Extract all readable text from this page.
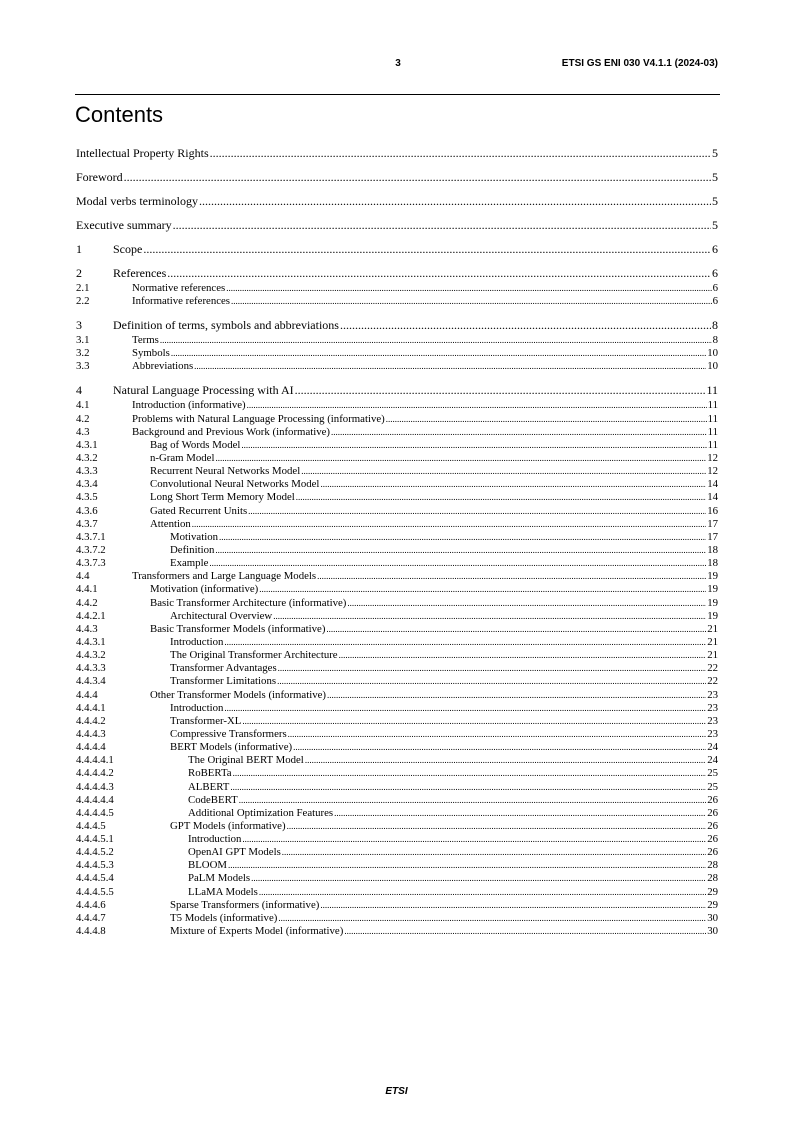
3	ETSI GS ENI 030 V4.1.1 (2024-03)
Contents
Intellectual Property Rights .....	5
Foreword .....	5
Modal verbs terminology .....	5
Executive summary .....	5
1	Scope .....	6
2	References .....	6
2.1	Normative references .....	6
2.2	Informative references .....	6
3	Definition of terms, symbols and abbreviations .....	8
3.1	Terms .....	8
3.2	Symbols .....	10
3.3	Abbreviations .....	10
4	Natural Language Processing with AI .....	11
4.1	Introduction (informative) .....	11
4.2	Problems with Natural Language Processing (informative) .....	11
4.3	Background and Previous Work (informative) .....	11
4.3.1	Bag of Words Model .....	11
4.3.2	n-Gram Model .....	12
4.3.3	Recurrent Neural Networks Model .....	12
4.3.4	Convolutional Neural Networks Model .....	14
4.3.5	Long Short Term Memory Model .....	14
4.3.6	Gated Recurrent Units .....	16
4.3.7	Attention .....	17
4.3.7.1	Motivation .....	17
4.3.7.2	Definition .....	18
4.3.7.3	Example .....	18
4.4	Transformers and Large Language Models .....	19
4.4.1	Motivation (informative) .....	19
4.4.2	Basic Transformer Architecture (informative) .....	19
4.4.2.1	Architectural Overview .....	19
4.4.3	Basic Transformer Models (informative) .....	21
4.4.3.1	Introduction .....	21
4.4.3.2	The Original Transformer Architecture .....	21
4.4.3.3	Transformer Advantages .....	22
4.4.3.4	Transformer Limitations .....	22
4.4.4	Other Transformer Models (informative) .....	23
4.4.4.1	Introduction .....	23
4.4.4.2	Transformer-XL .....	23
4.4.4.3	Compressive Transformers .....	23
4.4.4.4	BERT Models (informative) .....	24
4.4.4.4.1	The Original BERT Model .....	24
4.4.4.4.2	RoBERTa .....	25
4.4.4.4.3	ALBERT .....	25
4.4.4.4.4	CodeBERT .....	26
4.4.4.4.5	Additional Optimization Features .....	26
4.4.4.5	GPT Models (informative) .....	26
4.4.4.5.1	Introduction .....	26
4.4.4.5.2	OpenAI GPT Models .....	26
4.4.4.5.3	BLOOM .....	28
4.4.4.5.4	PaLM Models .....	28
4.4.4.5.5	LLaMA Models .....	29
4.4.4.6	Sparse Transformers (informative) .....	29
4.4.4.7	T5 Models (informative) .....	30
4.4.4.8	Mixture of Experts Model (informative) .....	30
ETSI
